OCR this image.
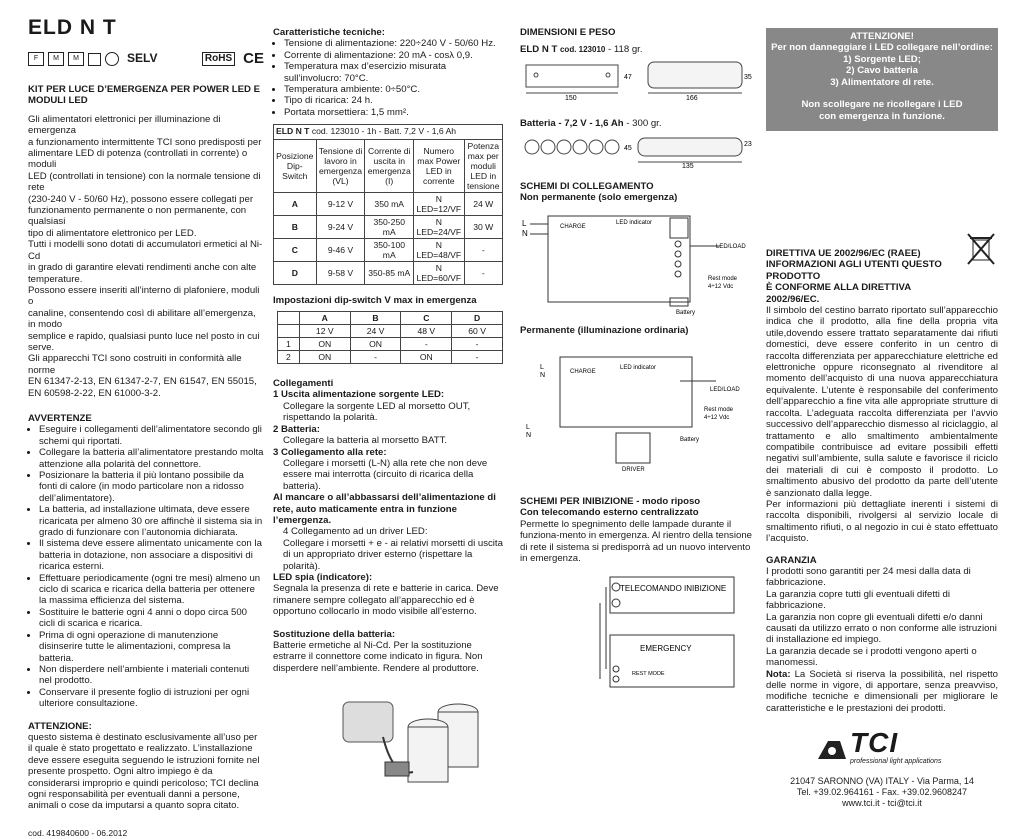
ELD N T
F	M	M	SELV	RoHS CE
KIT PER LUCE D’EMERGENZA PER POWER LED E MODULI LED
Gli alimentatori elettronici per illuminazione di emergenza
a funzionamento intermittente TCI sono predisposti per
alimentare LED di potenza (controllati in corrente) o moduli
LED (controllati in tensione) con la normale tensione di rete
(230-240 V - 50/60 Hz), possono essere collegati per
funzionamento permanente o non permanente, con qualsiasi
tipo di alimentatore elettronico per LED.
Tutti i modelli sono dotati di accumulatori ermetici al Ni-Cd
in grado di garantire elevati rendimenti anche con alte
temperature.
Possono essere inseriti all’interno di plafoniere, moduli o
canaline, consentendo così di abilitare all’emergenza, in modo
semplice e rapido, qualsiasi punto luce nel posto in cui serve.
Gli apparecchi TCI sono costruiti in conformità alle norme
EN 61347-2-13, EN 61347-2-7, EN 61547, EN 55015,
EN 60598-2-22, EN 61000-3-2.
AVVERTENZE
• Eseguire i collegamenti dell’alimentatore secondo gli schemi qui riportati.
• Collegare la batteria all’alimentatore prestando molta attenzione alla polarità del connettore.
• Posizionare la batteria il più lontano possibile da fonti di calore (in modo particolare non a ridosso dell’alimentatore).
• La batteria, ad installazione ultimata, deve essere ricaricata per almeno 30 ore affinchè il sistema sia in grado di funzionare con l’autonomia dichiarata.
• Il sistema deve essere alimentato unicamente con la batteria in dotazione, non associare a dispositivi di ricarica esterni.
• Effettuare periodicamente (ogni tre mesi) almeno un ciclo di scarica e ricarica della batteria per ottenere la massima efficienza del sistema.
• Sostituire le batterie ogni 4 anni o dopo circa 500 cicli di scarica e ricarica.
• Prima di ogni operazione di manutenzione disinserire tutte le alimentazioni, compresa la batteria.
• Non disperdere nell’ambiente i materiali contenuti nel prodotto.
• Conservare il presente foglio di istruzioni per ogni ulteriore consultazione.
ATTENZIONE:

questo sistema è destinato esclusivamente all’uso per il quale è stato progettato e realizzato. L’installazione deve essere eseguita seguendo le istruzioni fornite nel presente prospetto. Ogni altro impiego è da considerarsi improprio e quindi pericoloso; TCI declina ogni responsabilità per eventuali danni a persone, animali o cose da imputarsi a quanto sopra citato.

cod. 419840600 - 06.2012
Caratteristiche tecniche:
• Tensione di alimentazione: 220÷240 V - 50/60 Hz.
• Corrente di alimentazione: 20 mA - cosλ 0,9.
• Temperatura max d’esercizio misurata sull’involucro: 70°C.
• Temperatura ambiente: 0÷50°C.
• Tipo di ricarica: 24 h.
• Portata morsettiera: 1,5 mm².
ELD N T cod. 123010 - 1h - Batt. 7,2 V - 1,6 Ah
Posizione Dip-Switch	Tensione di lavoro in emergenza (VL)	Corrente di uscita in emergenza (I)	Numero max Power LED in corrente	Potenza max per moduli LED in tensione
A	9-12 V	350 mA	N LED=12/VF	24 W
B	9-24 V	350-250 mA	N LED=24/VF	30 W
C	9-46 V	350-100 mA	N LED=48/VF	-
D	9-58 V	350-85 mA	N LED=60/VF	-
Impostazioni dip-switch V max in emergenza
	A	B	C	D
	12 V	24 V	48 V	60 V
1	ON	ON	-	-
2	ON	-	ON	-
Collegamenti
1 Uscita alimentazione sorgente LED:
Collegare la sorgente LED al morsetto OUT, rispettando la polarità.
2 Batteria:
Collegare la batteria al morsetto BATT.
3 Collegamento alla rete:
Collegare i morsetti (L-N) alla rete che non deve essere mai interrotta (circuito di ricarica della batteria).
Al mancare o all’abbassarsi dell’alimentazione di rete, auto maticamente entra in funzione l’emergenza.
4 Collegamento ad un driver LED:
Collegare i morsetti + e - ai relativi morsetti di uscita di un appropriato driver esterno (rispettare la polarità).
LED spia (indicatore):

Segnala la presenza di rete e batterie in carica. Deve rimanere sempre collegato all’apparecchio ed è opportuno collocarlo in modo visibile all’esterno.

Sostituzione della batteria:

Batterie ermetiche al Ni-Cd. Per la sostituzione estrarre il connettore come indicato in figura. Non disperdere nell’ambiente. Rendere al produttore.

DIMENSIONI E PESO
ELD N T cod. 123010 - 118 gr.
150	166
47	35
Batteria - 7,2 V - 1,6 Ah - 300 gr.
135
45
23
SCHEMI DI COLLEGAMENTO
Non permanente (solo emergenza)
L
N
CHARGE
LED indicator
LED/LOAD
Rest mode
4÷12 Vdc
Battery
Permanente (illuminazione ordinaria)
L
N	CHARGE
LED indicator
LED/LOAD
Rest mode
4÷12 Vdc
Battery
L
N
DRIVER
SCHEMI PER INIBIZIONE - modo riposo
Con telecomando esterno centralizzato

Permette lo spegnimento delle lampade durante il funziona-mento in emergenza. Al rientro della tensione di rete il sistema si predisporrà ad un nuovo intervento in emergenza.

TELECOMANDO INIBIZIONE
EMERGENCY
REST MODE
ATTENZIONE!
Per non danneggiare i LED collegare nell’ordine:
1) Sorgente LED;
2) Cavo batteria
3) Alimentatore di rete.

Non scollegare ne ricollegare i LED
con emergenza in funzione.
DIRETTIVA UE 2002/96/EC (RAEE)
INFORMAZIONI AGLI UTENTI QUESTO PRODOTTO
È CONFORME ALLA DIRETTIVA 2002/96/EC.

Il simbolo del cestino barrato riportato sull’apparecchio indica che il prodotto, alla fine della propria vita utile,dovendo essere trattato separatamente dai rifiuti domestici, deve essere conferito in un centro di raccolta differenziata per apparecchiature elettriche ed elettroniche oppure riconsegnato al rivenditore al momento dell’acquisto di una nuova apparecchiatura equivalente. L’utente è responsabile del conferimento dell’apparecchio a fine vita alle appropriate strutture di raccolta. L’adeguata raccolta differenziata per l’avvio successivo dell’apparecchio dismesso al riciclaggio, al trattamento e allo smaltimento ambientalmente compatibile contribuisce ad evitare possibili effetti negativi sull’ambiente, sulla salute e favorisce il riciclo dei materiali di cui è composto il prodotto. Lo smaltimento abusivo del prodotto da parte dell’utente è sanzionato dalla legge.

Per informazioni più dettagliate inerenti i sistemi di raccolta disponibili, rivolgersi al servizio locale di smaltimento rifiuti, o al negozio in cui è stato effettuato l’acquisto.

GARANZIA
I prodotti sono garantiti per 24 mesi dalla data di fabbricazione.
La garanzia copre tutti gli eventuali difetti di fabbricazione.
La garanzia non copre gli eventuali difetti e/o danni causati da utilizzo errato o non conforme alle istruzioni di installazione ed impiego.
La garanzia decade se i prodotti vengono aperti o manomessi.

Nota: La Società si riserva la possibilità, nel rispetto delle norme in vigore, di apportare, senza preavviso, modifiche tecniche e dimensionali per migliorare le caratteristiche e le prestazioni dei prodotti.

TCI
professional light applications
21047 SARONNO (VA) ITALY - Via Parma, 14
Tel. +39.02.964161 - Fax. +39.02.9608247
www.tci.it - tci@tci.it
